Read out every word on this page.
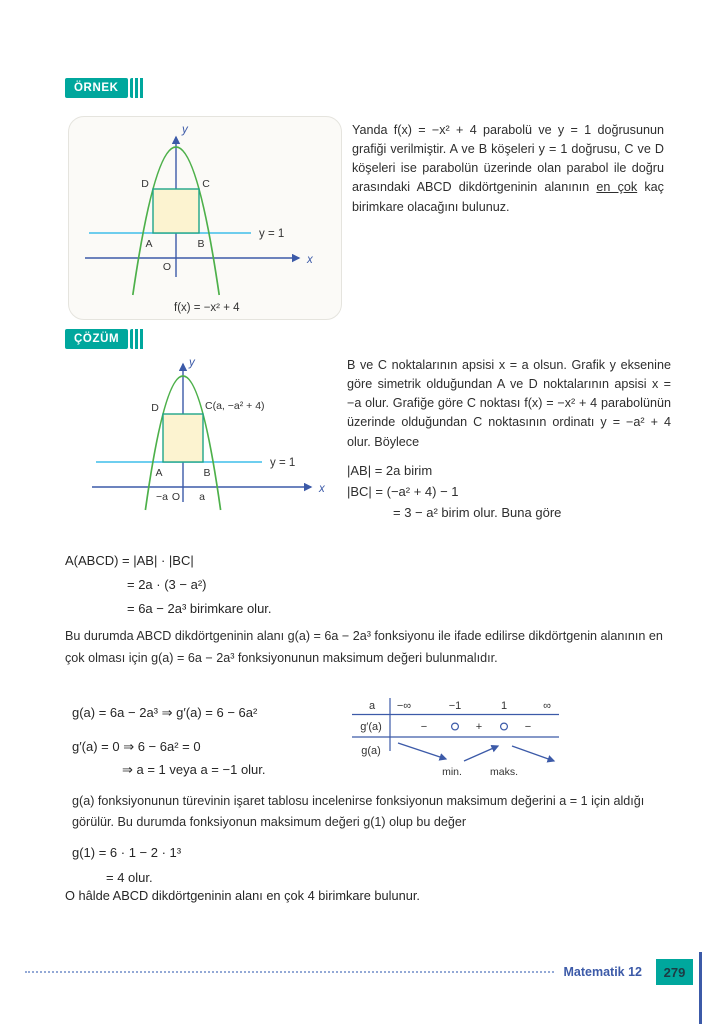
ÖRNEK
y
x
D	C
A	B
O
y = 1
f(x) = −x² + 4
Yanda f(x) = −x² + 4 parabolü ve y = 1 doğrusunun grafiği verilmiştir. A ve B köşeleri y = 1 doğrusu, C ve D köşeleri ise parabolün üzerinde olan parabol ile doğru arasındaki ABCD dikdörtgeninin alanının en çok kaç birimkare olacağını bulunuz.
ÇÖZÜM
y
x
D	C(a, −a² + 4)
A	B
−a O a
y = 1
B ve C noktalarının apsisi x = a olsun. Grafik y eksenine göre simetrik olduğundan A ve D noktalarının apsisi x = −a olur. Grafiğe göre C noktası f(x) = −x² + 4 parabolünün üzerinde olduğundan C noktasının ordinatı y = −a² + 4 olur. Böylece
|AB| = 2a birim
|BC| = (−a² + 4) − 1
= 3 − a² birim olur. Buna göre
A(ABCD) = |AB| · |BC|
= 2a · (3 − a²)
= 6a − 2a³ birimkare olur.
Bu durumda ABCD dikdörtgeninin alanı g(a) = 6a − 2a³ fonksiyonu ile ifade edilirse dikdörtgenin alanının en çok olması için g(a) = 6a − 2a³ fonksiyonunun maksimum değeri bulunmalıdır.
g(a) = 6a − 2a³ ⇒ g′(a) = 6 − 6a²
g′(a) = 0 ⇒ 6 − 6a² = 0
⇒ a = 1 veya a = −1 olur.
a −∞	−1	1	∞
g′(a)	−	+	−
g(a)
min.	maks.
g(a) fonksiyonunun türevinin işaret tablosu incelenirse fonksiyonun maksimum değerini a = 1 için aldığı görülür. Bu durumda fonksiyonun maksimum değeri g(1) olup bu değer
g(1) = 6 · 1 − 2 · 1³
= 4 olur.
O hâlde ABCD dikdörtgeninin alanı en çok 4 birimkare bulunur.
Matematik 12	279
